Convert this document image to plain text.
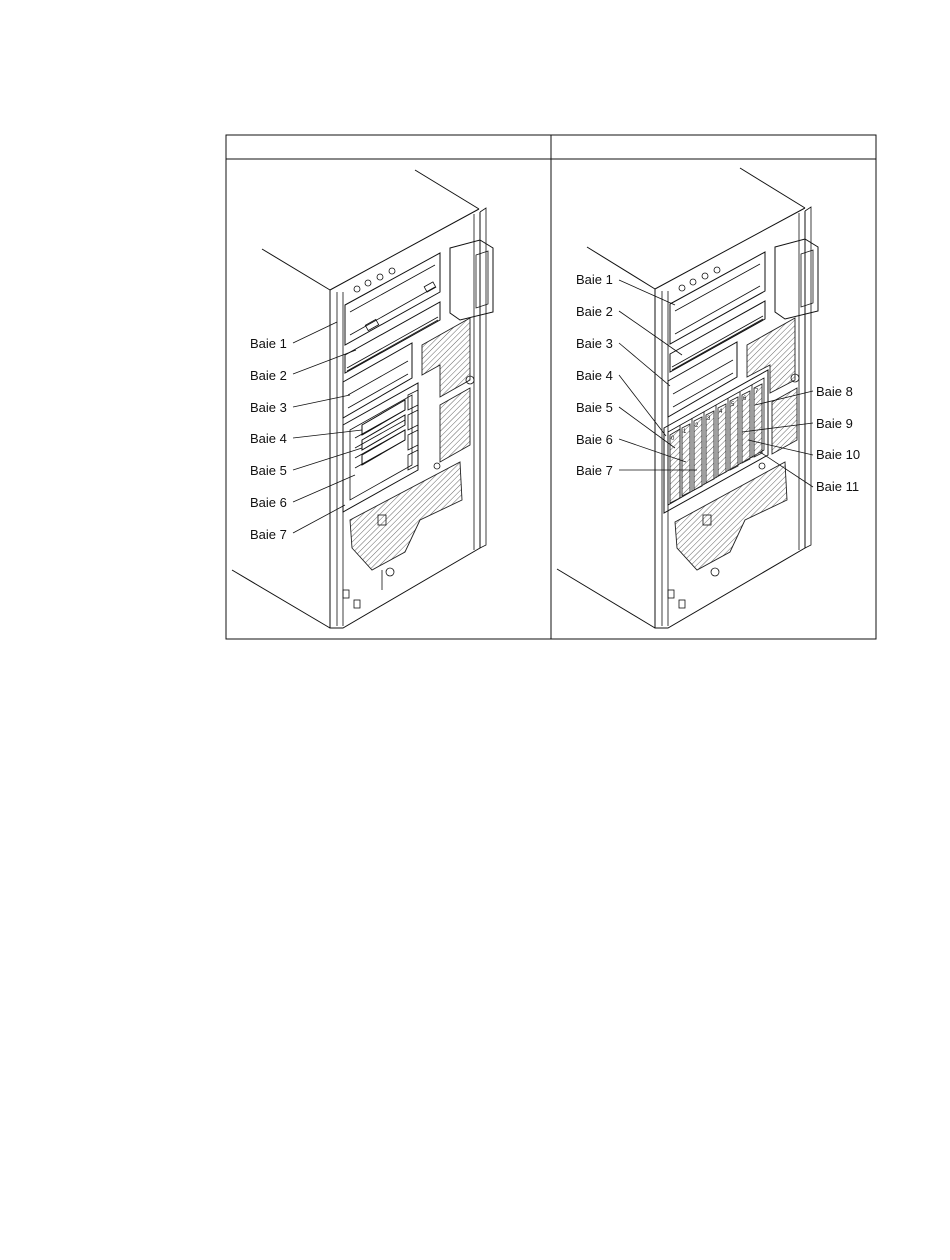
Baie 1
Baie 2
Baie 3
Baie 4
Baie 5
Baie 6
Baie 7
0
1
2
3
4
5
6
7
Baie 1
Baie 2
Baie 3
Baie 4
Baie 5
Baie 6
Baie 7
Baie 8
Baie 9
Baie 10
Baie 11
